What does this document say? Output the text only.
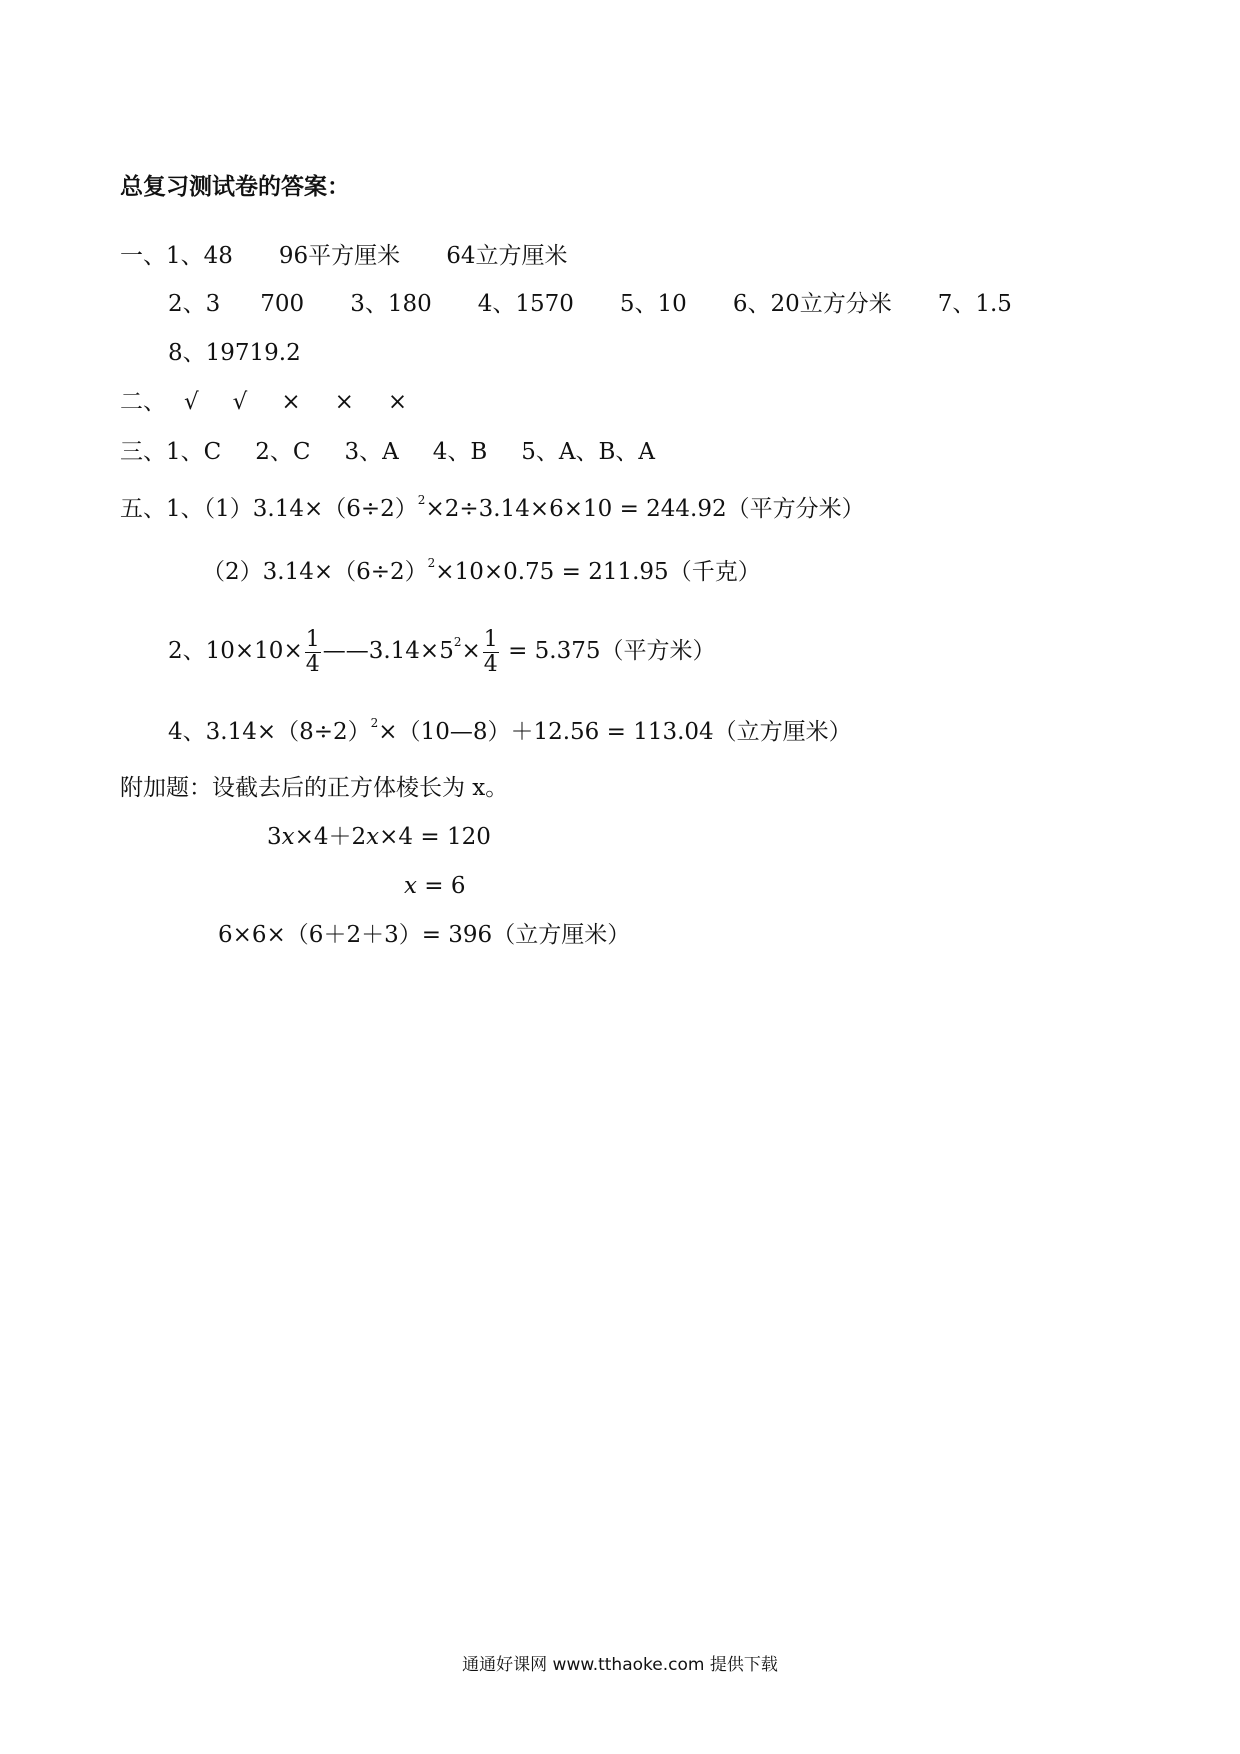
总复习测试卷的答案：
一、1、48 96平方厘米 64立方厘米
2、3 700 3、180 4、1570 5、10 6、20立方分米 7、1.5
8、19719.2
二、 √ √ × × ×
三、1、C 2、C 3、A 4、B 5、A、B、A
五、1、$(1)3.14\times(6\div 2)^2\times 2\div 3.14\times 6\times 10 = 244.92$（平方分米）
$(2)3.14\times(6\div 2)^2\times 10\times 0.75 = 211.95$（千克）
2、$10\times 10\times \frac{1}{4}$ $——3.14\times 5^2\times \frac{1}{4} = 5.375$（平方米）
4、$3.14\times(8\div 2)^2\times(10—8)+12.56 = 113.04$（立方厘米）
附加题：设截去后的正方体棱长为 x。
3x×4＋2x×4 = 120
x = 6
6×6×（6＋2＋3）= 396（立方厘米）
通通好课网 www.tthaoke.com 提供下载
